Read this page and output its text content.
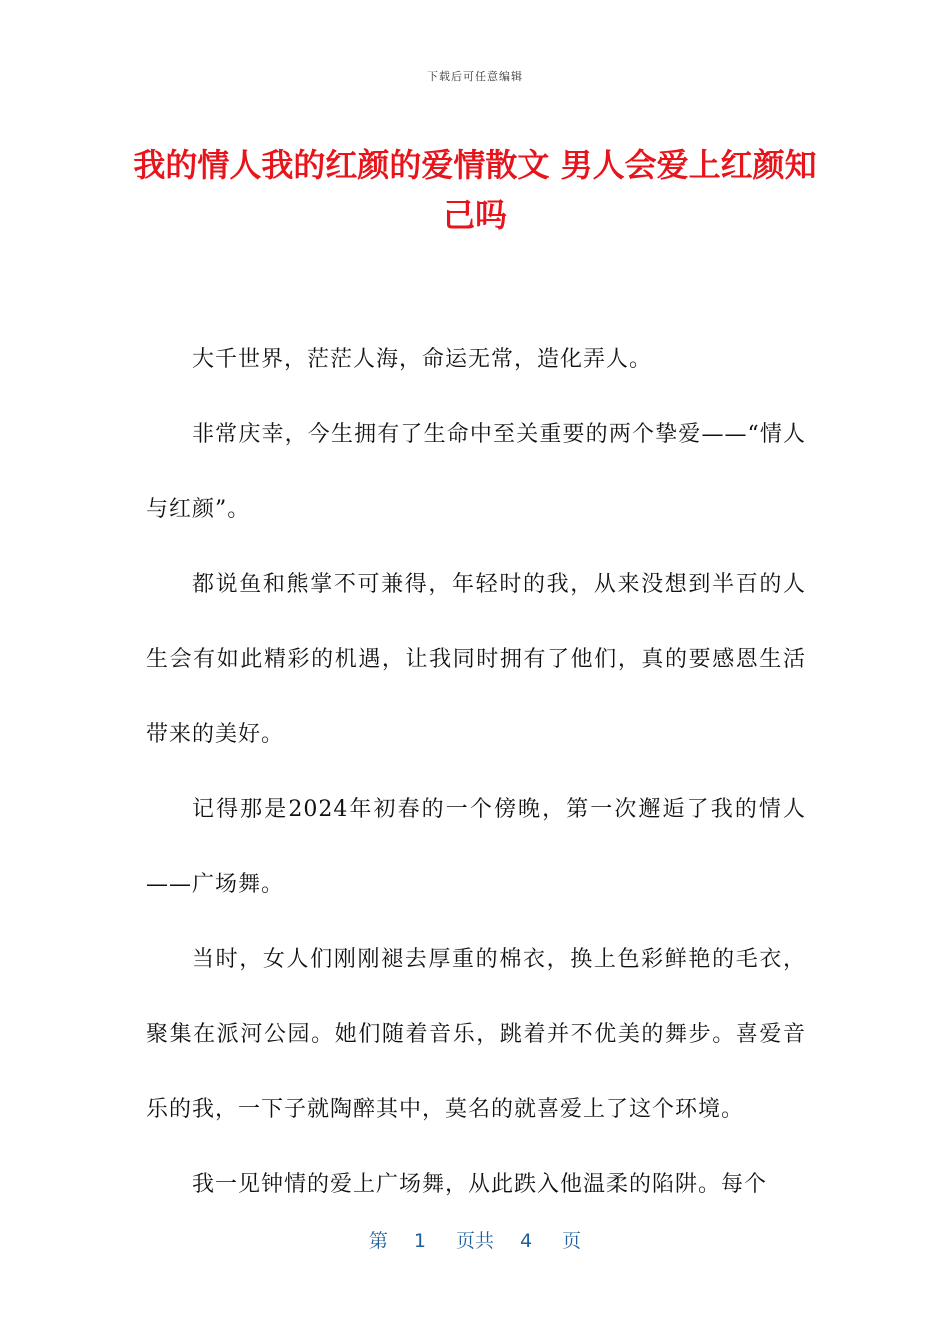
下载后可任意编辑
我的情人我的红颜的爱情散文 男人会爱上红颜知己吗

大千世界，茫茫人海，命运无常，造化弄人。

非常庆幸，今生拥有了生命中至关重要的两个挚爱——“情人与红颜”。

都说鱼和熊掌不可兼得，年轻时的我，从来没想到半百的人生会有如此精彩的机遇，让我同时拥有了他们，真的要感恩生活带来的美好。

记得那是2024年初春的一个傍晚，第一次邂逅了我的情人——广场舞。

当时，女人们刚刚褪去厚重的棉衣，换上色彩鲜艳的毛衣，聚集在派河公园。她们随着音乐，跳着并不优美的舞步。喜爱音乐的我，一下子就陶醉其中，莫名的就喜爱上了这个环境。

我一见钟情的爱上广场舞，从此跌入他温柔的陷阱。每个

第 1 页共 4 页
